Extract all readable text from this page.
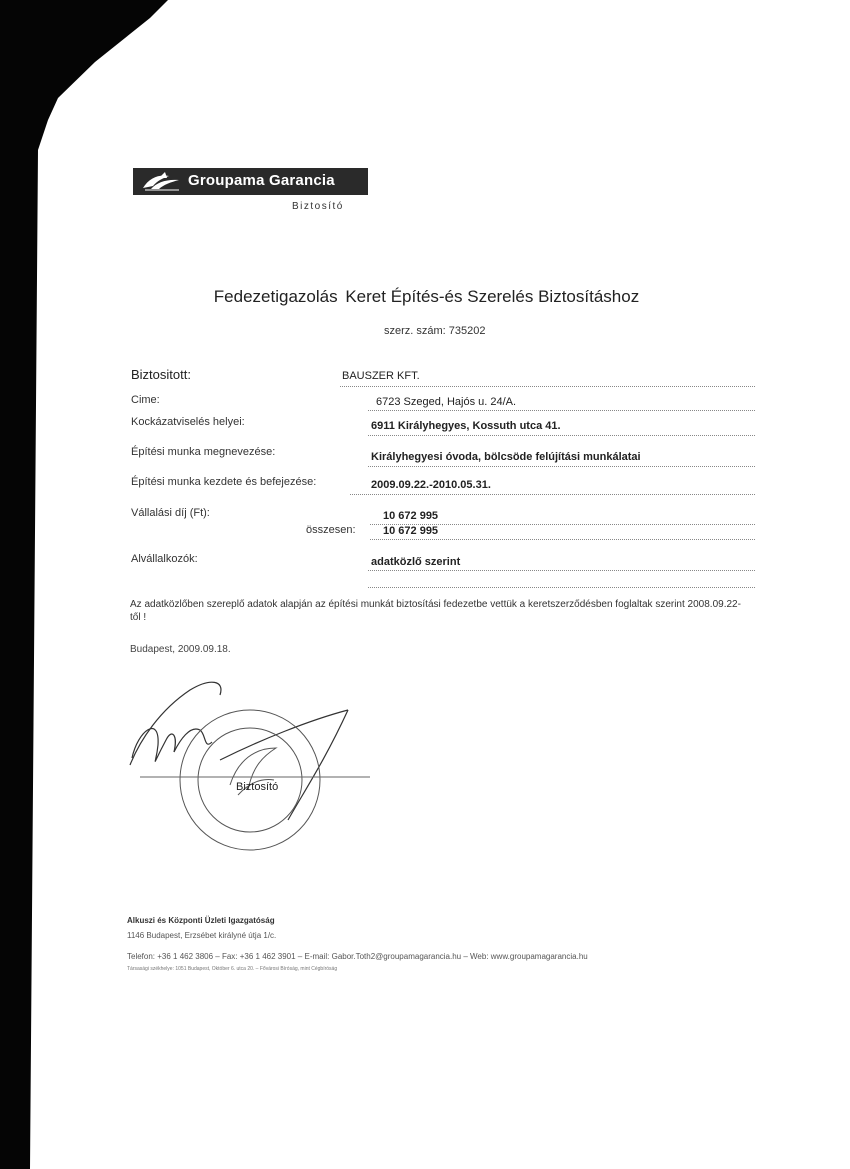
Groupama Garancia
Biztosító
Fedezetigazolás Keret Építés-és Szerelés Biztosításhoz
szerz. szám: 735202
Biztositott:	BAUSZER KFT.
Cime:	6723 Szeged, Hajós u. 24/A.
Kockázatviselés helyei:	6911 Királyhegyes, Kossuth utca 41.
Építési munka megnevezése:	Királyhegyesi óvoda, bölcsöde felújítási munkálatai
Építési munka kezdete és befejezése:	2009.09.22.-2010.05.31.
Vállalási díj (Ft):	10 672 995
összesen: 10 672 995
Alvállalkozók:	adatközlő szerint
Az adatközlőben szereplő adatok alapján az építési munkát biztosítási fedezetbe vettük a keretszerződésben foglaltak szerint 2008.09.22-től !
Budapest, 2009.09.18.
Biztosító
Alkuszi és Központi Üzleti Igazgatóság
1146 Budapest, Erzsébet királyné útja 1/c.
Telefon: +36 1 462 3806 – Fax: +36 1 462 3901 – E-mail: Gabor.Toth2@groupamagarancia.hu – Web: www.groupamagarancia.hu
Társasági székhelye: 1051 Budapest, Október 6. utca 20. – Fővárosi Bíróság, mint Cégbíróság
